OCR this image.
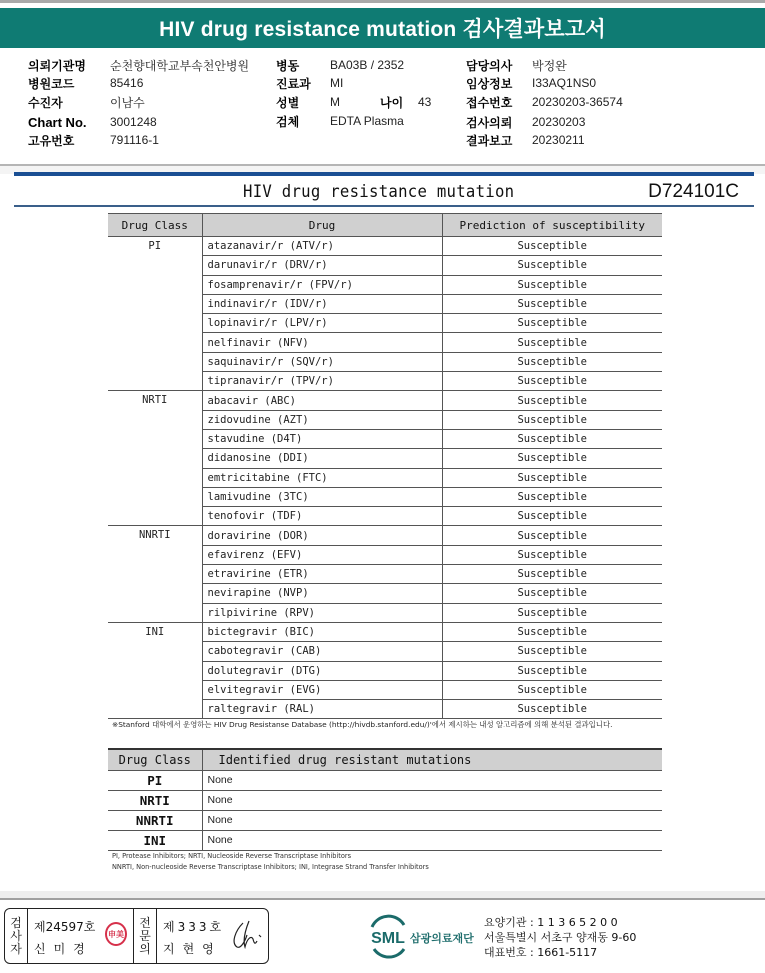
HIV drug resistance mutation 검사결과보고서
의뢰기관명 순천향대학교부속천안병원
병원코드	85416
수진자	이남수
Chart No. 3001248
고유번호	791116-1
병동	BA03B / 2352
진료과 MI
성별	M	나이 43
검체	EDTA Plasma
담당의사 박정완
임상정보 I33AQ1NS0
접수번호 20230203-36574
검사의뢰 20230203
결과보고 20230211
HIV drug resistance mutation	D724101C
Drug Class	Drug	Prediction of susceptibility
PI	atazanavir/r (ATV/r)	Susceptible
	darunavir/r (DRV/r)	Susceptible
	fosamprenavir/r (FPV/r)	Susceptible
	indinavir/r (IDV/r)	Susceptible
	lopinavir/r (LPV/r)	Susceptible
	nelfinavir (NFV)	Susceptible
	saquinavir/r (SQV/r)	Susceptible
	tipranavir/r (TPV/r)	Susceptible
NRTI	abacavir (ABC)	Susceptible
	zidovudine (AZT)	Susceptible
	stavudine (D4T)	Susceptible
	didanosine (DDI)	Susceptible
	emtricitabine (FTC)	Susceptible
	lamivudine (3TC)	Susceptible
	tenofovir (TDF)	Susceptible
NNRTI	doravirine (DOR)	Susceptible
	efavirenz (EFV)	Susceptible
	etravirine (ETR)	Susceptible
	nevirapine (NVP)	Susceptible
	rilpivirine (RPV)	Susceptible
INI	bictegravir (BIC)	Susceptible
	cabotegravir (CAB)	Susceptible
	dolutegravir (DTG)	Susceptible
	elvitegravir (EVG)	Susceptible
	raltegravir (RAL)	Susceptible
※Stanford 대학에서 운영하는 HIV Drug Resistanse Database (http://hivdb.stanford.edu/)'에서 제시하는 내성 알고리즘에 의해 분석된 결과입니다.
Drug Class	Identified drug resistant mutations
PI	None
NRTI	None
NNRTI	None
INI	None
PI, Protease Inhibitors; NRTI, Nucleoside Reverse Transcriptase Inhibitors
NNRTI, Non-nucleoside Reverse Transcriptase Inhibitors; INI, Integrase Strand Transfer Inhibitors
검
사
자
제24597호
신미경
申美
전
문
의
제333호
지현영
SML 삼광의료재단
요양기관 : 1 1 3 6 5 2 0 0
서울특별시 서초구 양재동 9-60
대표번호 : 1661-5117
